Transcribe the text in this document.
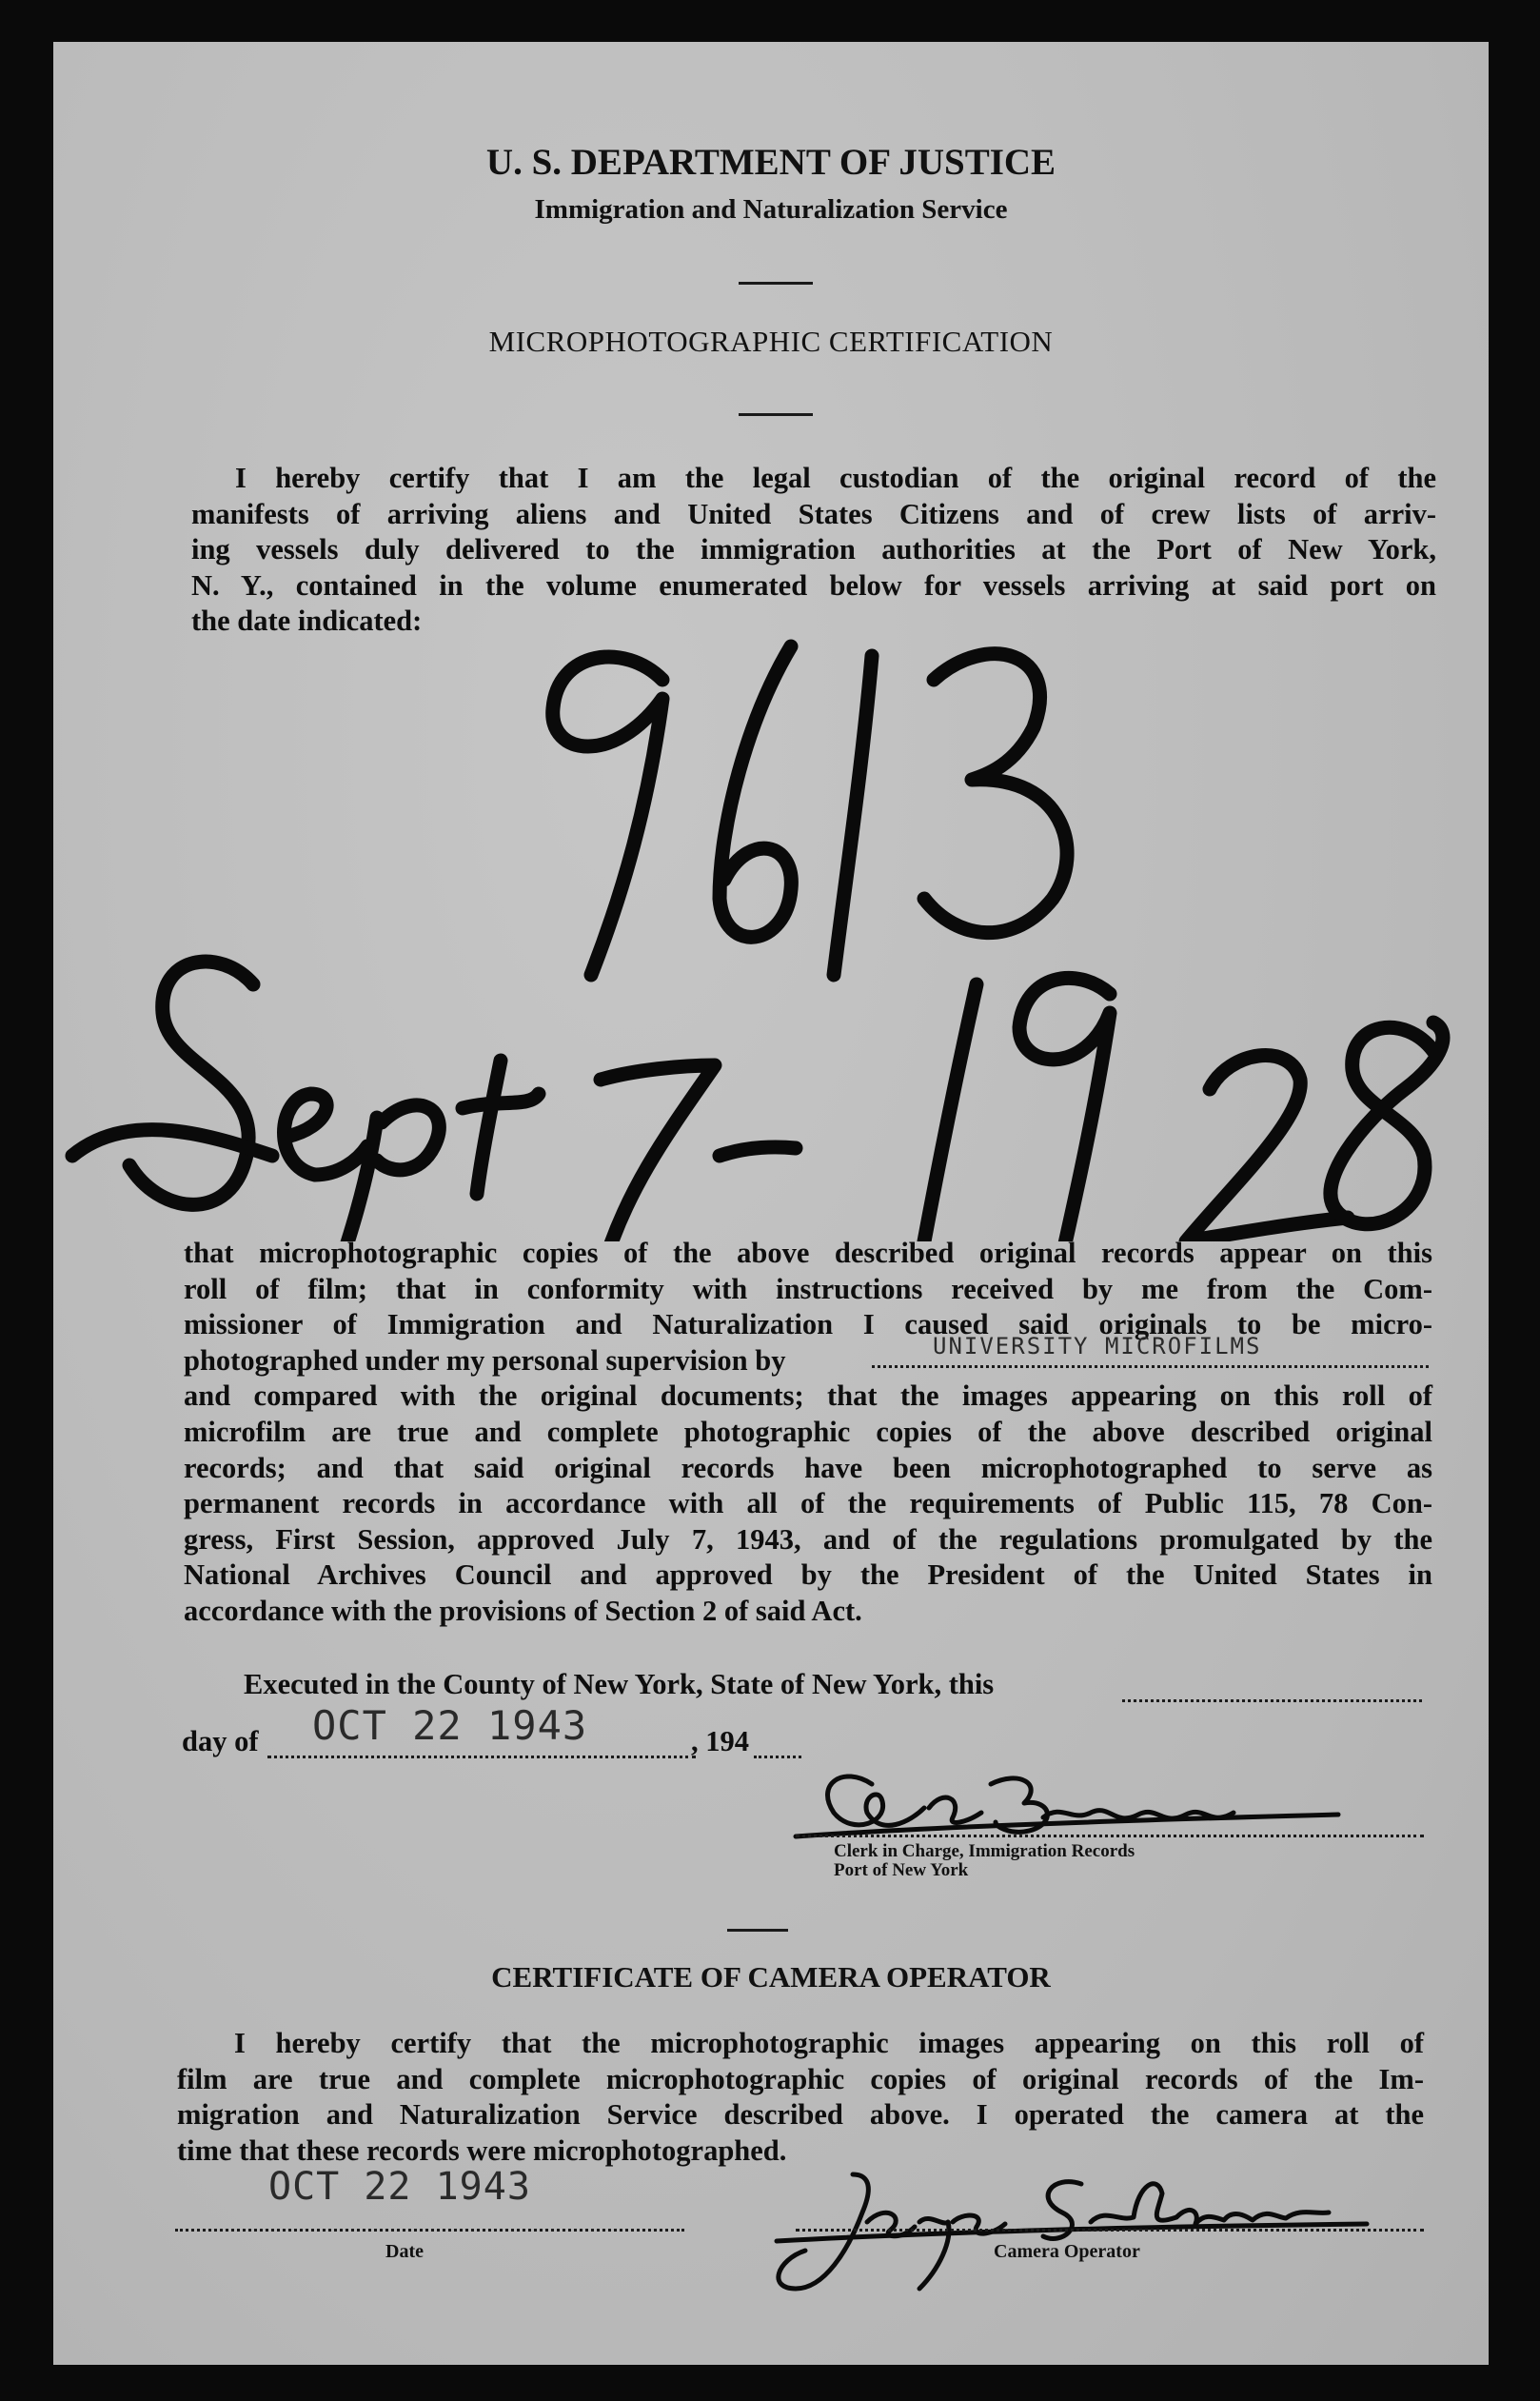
U. S. DEPARTMENT OF JUSTICE
Immigration and Naturalization Service
MICROPHOTOGRAPHIC CERTIFICATION
I hereby certify that I am the legal custodian of the original record of the
manifests of arriving aliens and United States Citizens and of crew lists of arriv-
ing vessels duly delivered to the immigration authorities at the Port of New York,
N. Y., contained in the volume enumerated below for vessels arriving at said port on
the date indicated:
that microphotographic copies of the above described original records appear on this
roll of film; that in conformity with instructions received by me from the Com-
missioner of Immigration and Naturalization I caused said originals to be micro-
photographed under my personal supervision by
and compared with the original documents; that the images appearing on this roll of
microfilm are true and complete photographic copies of the above described original
records; and that said original records have been microphotographed to serve as
permanent records in accordance with all of the requirements of Public 115, 78 Con-
gress, First Session, approved July 7, 1943, and of the regulations promulgated by the
National Archives Council and approved by the President of the United States in
accordance with the provisions of Section 2 of said Act.
UNIVERSITY MICROFILMS
Executed in the County of New York, State of New York, this
day of OCT 22 1943	, 194
Clerk in Charge, Immigration Records
Port of New York
CERTIFICATE OF CAMERA OPERATOR
I hereby certify that the microphotographic images appearing on this roll of
film are true and complete microphotographic copies of original records of the Im-
migration and Naturalization Service described above. I operated the camera at the
time that these records were microphotographed.
OCT 22 1943
Date	Camera Operator
